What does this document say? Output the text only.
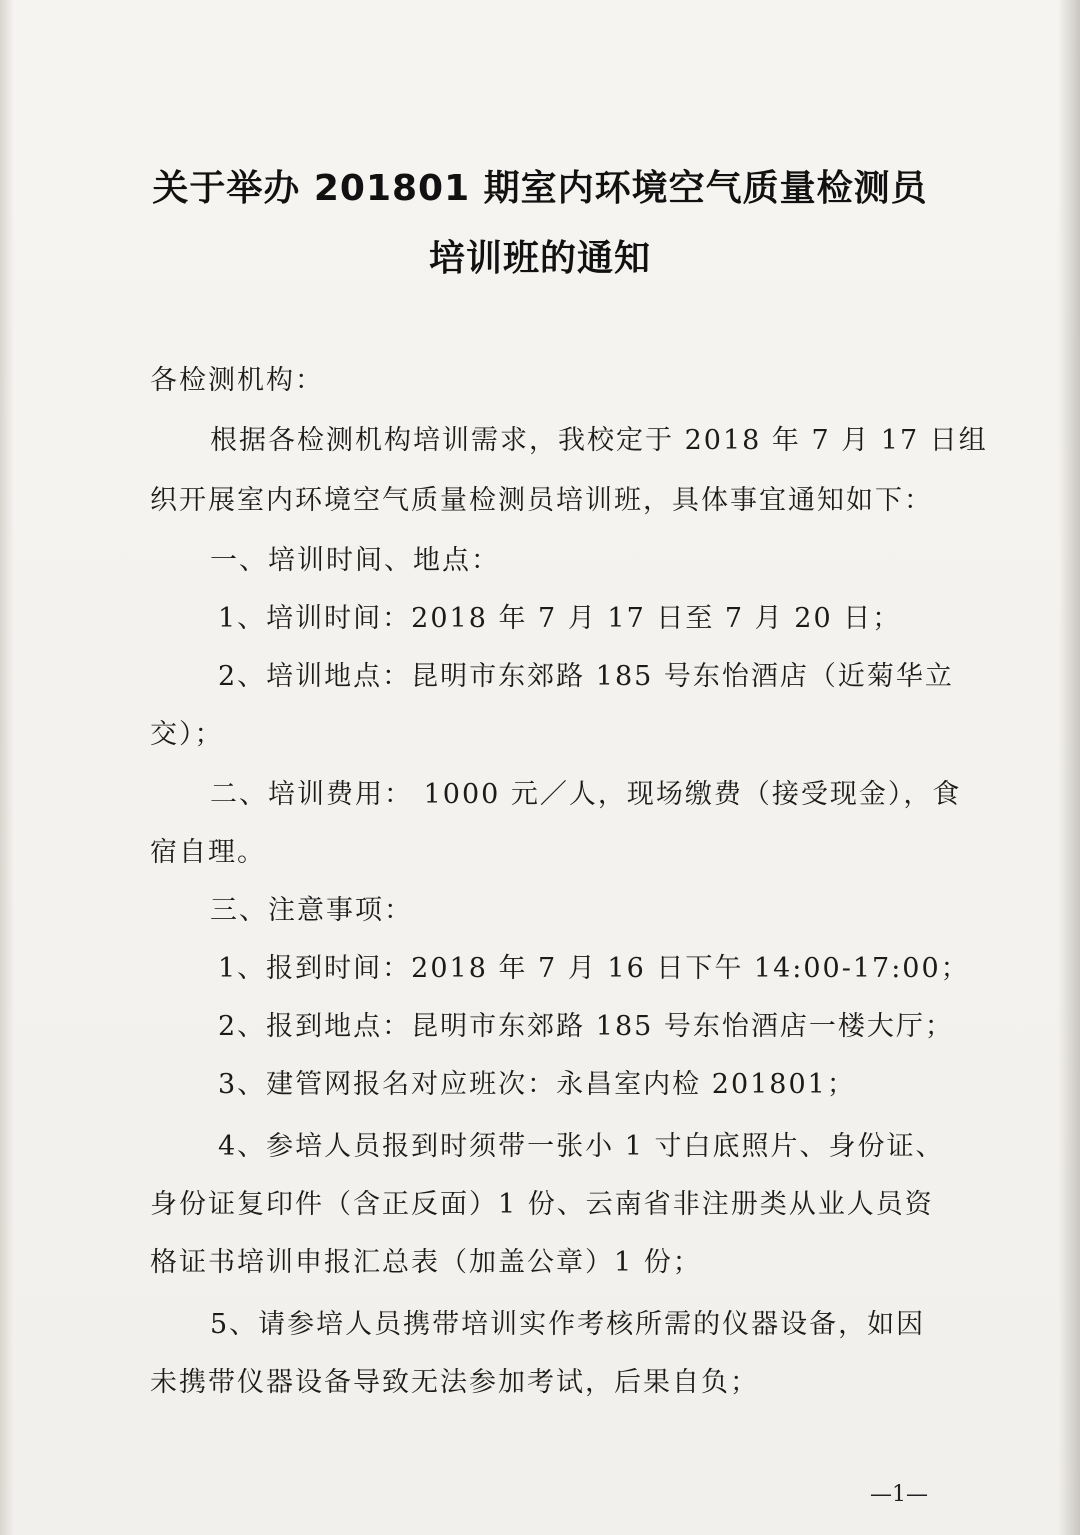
关于举办 201801 期室内环境空气质量检测员
培训班的通知
各检测机构：
根据各检测机构培训需求，我校定于 2018 年 7 月 17 日组
织开展室内环境空气质量检测员培训班，具体事宜通知如下：
一、培训时间、地点：
1、培训时间：2018 年 7 月 17 日至 7 月 20 日；
2、培训地点：昆明市东郊路 185 号东怡酒店（近菊华立
交）；
二、培训费用： 1000 元／人，现场缴费（接受现金），食
宿自理。
三、注意事项：
1、报到时间：2018 年 7 月 16 日下午 14:00-17:00；
2、报到地点：昆明市东郊路 185 号东怡酒店一楼大厅；
3、建管网报名对应班次：永昌室内检 201801；
4、参培人员报到时须带一张小 1 寸白底照片、身份证、
身份证复印件（含正反面）1 份、云南省非注册类从业人员资
格证书培训申报汇总表（加盖公章）1 份；
5、请参培人员携带培训实作考核所需的仪器设备，如因
未携带仪器设备导致无法参加考试，后果自负；
—1—
